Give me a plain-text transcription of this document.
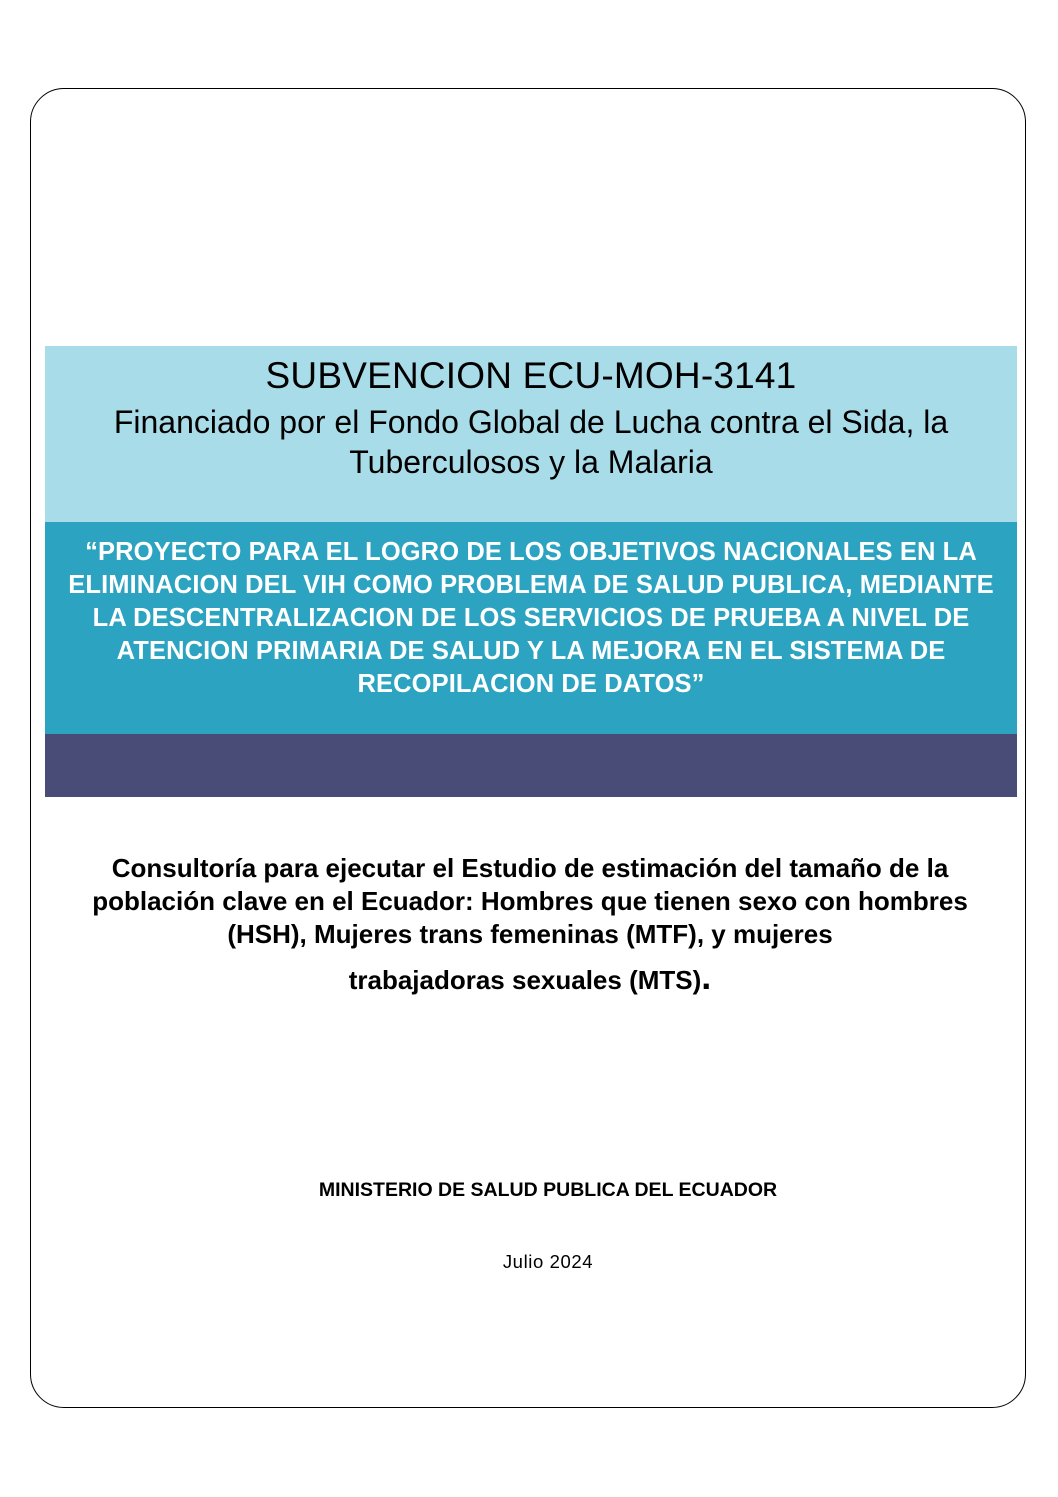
SUBVENCION ECU-MOH-3141
Financiado por el Fondo Global de Lucha contra el Sida, la Tuberculosos y la Malaria
“PROYECTO PARA EL LOGRO DE LOS OBJETIVOS NACIONALES EN LA ELIMINACION DEL VIH COMO PROBLEMA DE SALUD PUBLICA, MEDIANTE LA DESCENTRALIZACION DE LOS SERVICIOS DE PRUEBA A NIVEL DE ATENCION PRIMARIA DE SALUD Y LA MEJORA EN EL SISTEMA DE RECOPILACION DE DATOS”
Consultoría para ejecutar el Estudio de estimación del tamaño de la población clave en el Ecuador: Hombres que tienen sexo con hombres (HSH), Mujeres trans femeninas (MTF), y mujeres
trabajadoras sexuales (MTS).
MINISTERIO DE SALUD PUBLICA DEL ECUADOR
Julio 2024
